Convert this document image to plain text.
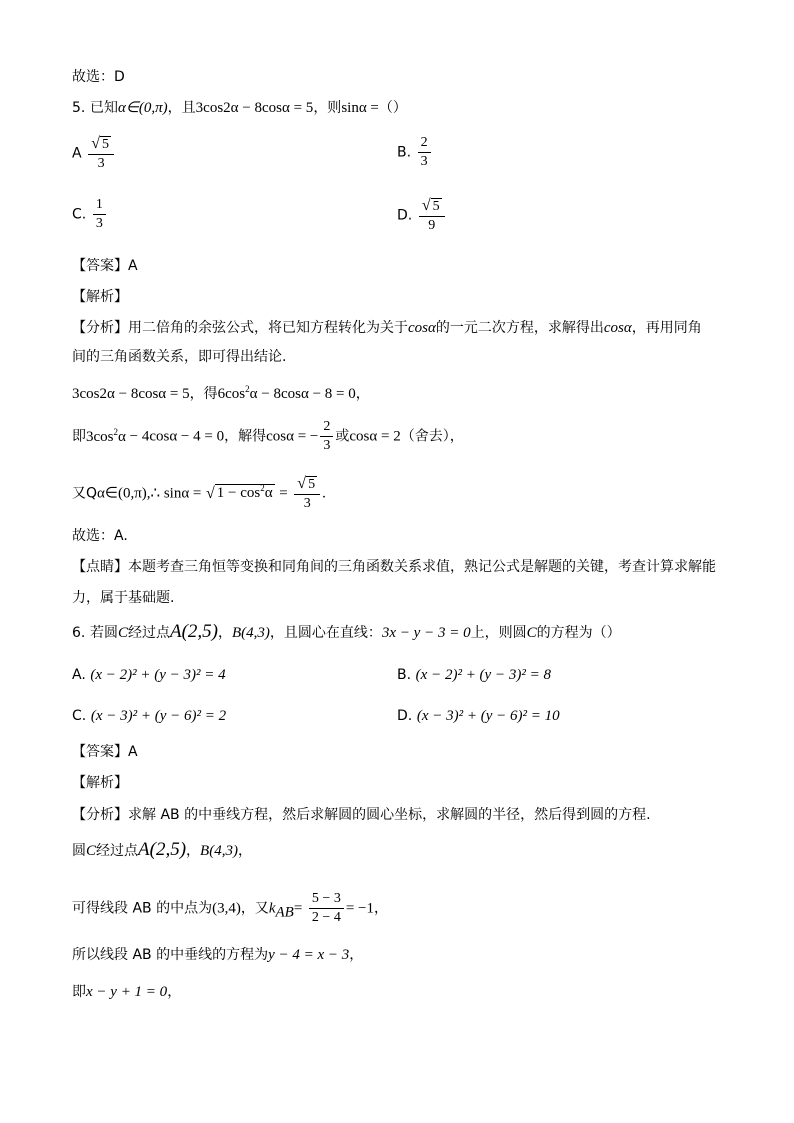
故选：D
5. 已知α∈(0,π)，且3cos2α − 8cosα = 5，则sinα =（）
A $\frac{√ 5}{3}$	B. $\frac{2}{3}$
C. $\frac{1}{3}$	D. $\frac{√ 5}{9}$
【答案】A
【解析】
【分析】用二倍角的余弦公式，将已知方程转化为关于cosα的一元二次方程，求解得出cosα，再用同角
间的三角函数关系，即可得出结论.
3cos2α − 8cosα = 5，得$6\cos^2\alpha - 8\cos\alpha - 8 = 0$，
即$3\cos^2\alpha - 4\cos\alpha - 4 = 0$，解得cosα = − $\frac{2}{3}$ 或cosα = 2（舍去），
又Qα∈(0,π),∴ sinα = √ $1 - \cos^2\alpha = \frac{√ 5}{3}$ .
故选：A.
【点睛】本题考查三角恒等变换和同角间的三角函数关系求值，熟记公式是解题的关键，考查计算求解能
力，属于基础题.
6. 若圆C经过点A(2,5)，B(4,3)，且圆心在直线：3x − y − 3 = 0上，则圆C的方程为（）
A. (x − 2)² + (y − 3)² = 4	B. (x − 2)² + (y − 3)² = 8
C. (x − 3)² + (y − 6)² = 2	D. (x − 3)² + (y − 6)² = 10
【答案】A
【解析】
【分析】求解 AB 的中垂线方程，然后求解圆的圆心坐标，求解圆的半径，然后得到圆的方程.
圆C经过点A(2,5)，B(4,3)，
可得线段 AB 的中点为(3,4)，又$k_{AB}= \frac{5 - 3}{2 - 4} = -1$，
所以线段 AB 的中垂线的方程为y − 4 = x − 3，
即x − y + 1 = 0，
